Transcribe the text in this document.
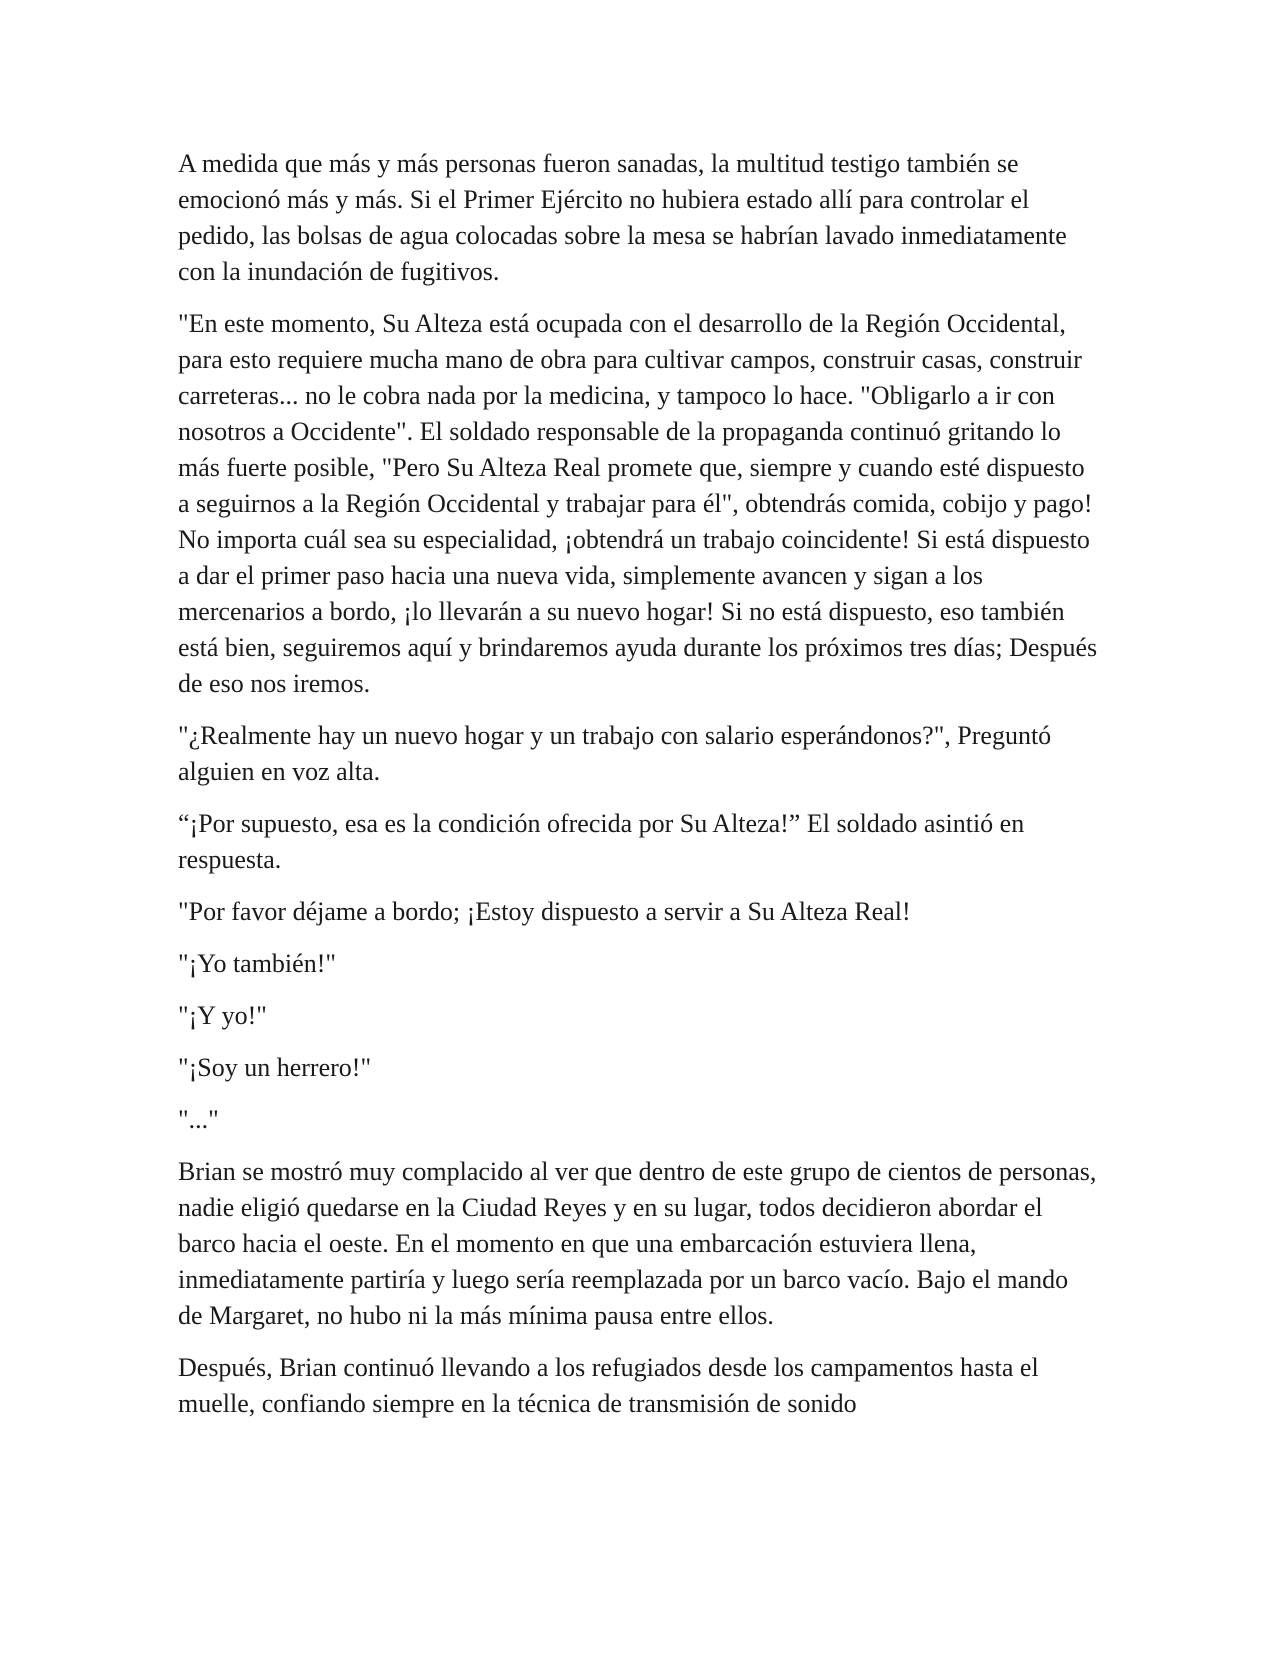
A medida que más y más personas fueron sanadas, la multitud testigo también se emocionó más y más. Si el Primer Ejército no hubiera estado allí para controlar el pedido, las bolsas de agua colocadas sobre la mesa se habrían lavado inmediatamente con la inundación de fugitivos.

"En este momento, Su Alteza está ocupada con el desarrollo de la Región Occidental, para esto requiere mucha mano de obra para cultivar campos, construir casas, construir carreteras... no le cobra nada por la medicina, y tampoco lo hace. "Obligarlo a ir con nosotros a Occidente". El soldado responsable de la propaganda continuó gritando lo más fuerte posible, "Pero Su Alteza Real promete que, siempre y cuando esté dispuesto a seguirnos a la Región Occidental y trabajar para él", obtendrás comida, cobijo y pago! No importa cuál sea su especialidad, ¡obtendrá un trabajo coincidente! Si está dispuesto a dar el primer paso hacia una nueva vida, simplemente avancen y sigan a los mercenarios a bordo, ¡lo llevarán a su nuevo hogar! Si no está dispuesto, eso también está bien, seguiremos aquí y brindaremos ayuda durante los próximos tres días; Después de eso nos iremos.

"¿Realmente hay un nuevo hogar y un trabajo con salario esperándonos?", Preguntó alguien en voz alta.

“¡Por supuesto, esa es la condición ofrecida por Su Alteza!” El soldado asintió en respuesta.

"Por favor déjame a bordo; ¡Estoy dispuesto a servir a Su Alteza Real!

"¡Yo también!"

"¡Y yo!"

"¡Soy un herrero!"

"..."

Brian se mostró muy complacido al ver que dentro de este grupo de cientos de personas, nadie eligió quedarse en la Ciudad Reyes y en su lugar, todos decidieron abordar el barco hacia el oeste. En el momento en que una embarcación estuviera llena, inmediatamente partiría y luego sería reemplazada por un barco vacío. Bajo el mando de Margaret, no hubo ni la más mínima pausa entre ellos.

Después, Brian continuó llevando a los refugiados desde los campamentos hasta el muelle, confiando siempre en la técnica de transmisión de sonido
